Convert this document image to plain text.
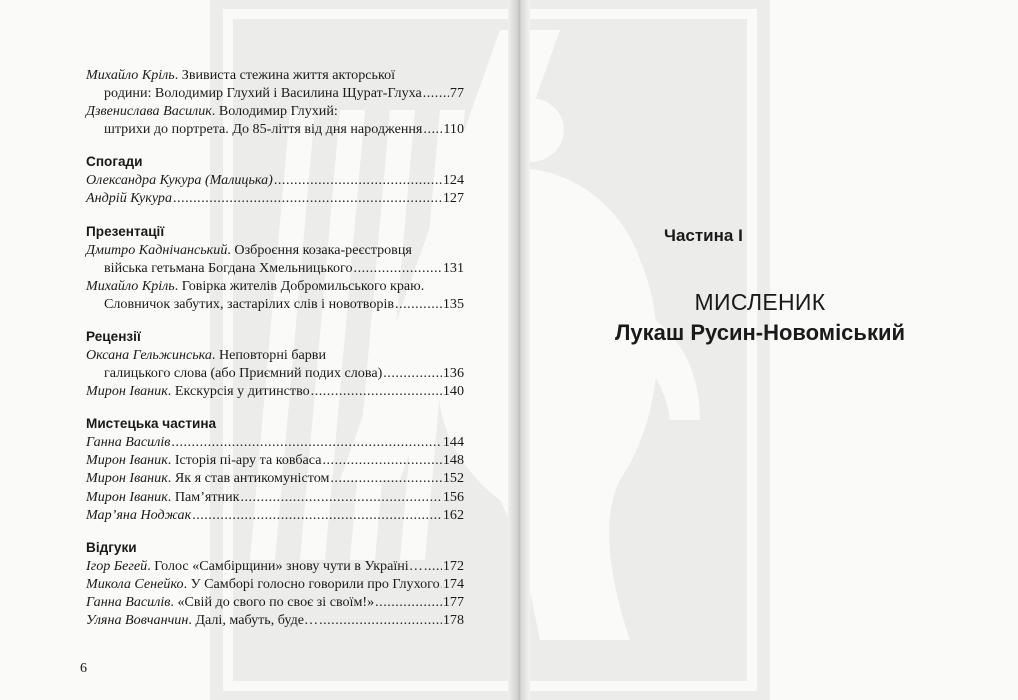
Михайло Кріль. Звивиста стежина життя акторської
родини: Володимир Глухий і Василина Щурат-Глуха ..... 77
Дзвенислава Василик. Володимир Глухий:
штрихи до портрета. До 85-ліття від дня народження ..... 110
Спогади
Олександра Кукура (Малицька) .....	124
Андрій Кукура .....	127
Презентації
Дмитро Каднічанський. Озброєння козака-реєстровця
війська гетьмана Богдана Хмельницького .....	131
Михайло Кріль. Говірка жителів Добромильського краю.
Словничок забутих, застарілих слів і новотворів .....	135
Рецензії
Оксана Гельжинська. Неповторні барви
галицького слова (або Приємний подих слова) .....	136
Мирон Іваник. Екскурсія у дитинство .....	140
Мистецька частина
Ганна Василів .....	144
Мирон Іваник. Історія пі-ару та ковбаса .....	148
Мирон Іваник. Як я став антикомуністом .....	152
Мирон Іваник. Пам’ятник .....	156
Мар’яна Ноджак .....	162
Відгуки
Ігор Бегей. Голос «Самбірщини» знову чути в Україні… ..... 172
Микола Сенейко. У Самборі голосно говорили про Глухого ..... 174
Ганна Василів. «Свій до свого по своє зі своїм!» .....	177
Уляна Вовчанчин. Далі, мабуть, буде… .....	178
6
Частина І
МИСЛЕНИК
Лукаш Русин-Новоміський
